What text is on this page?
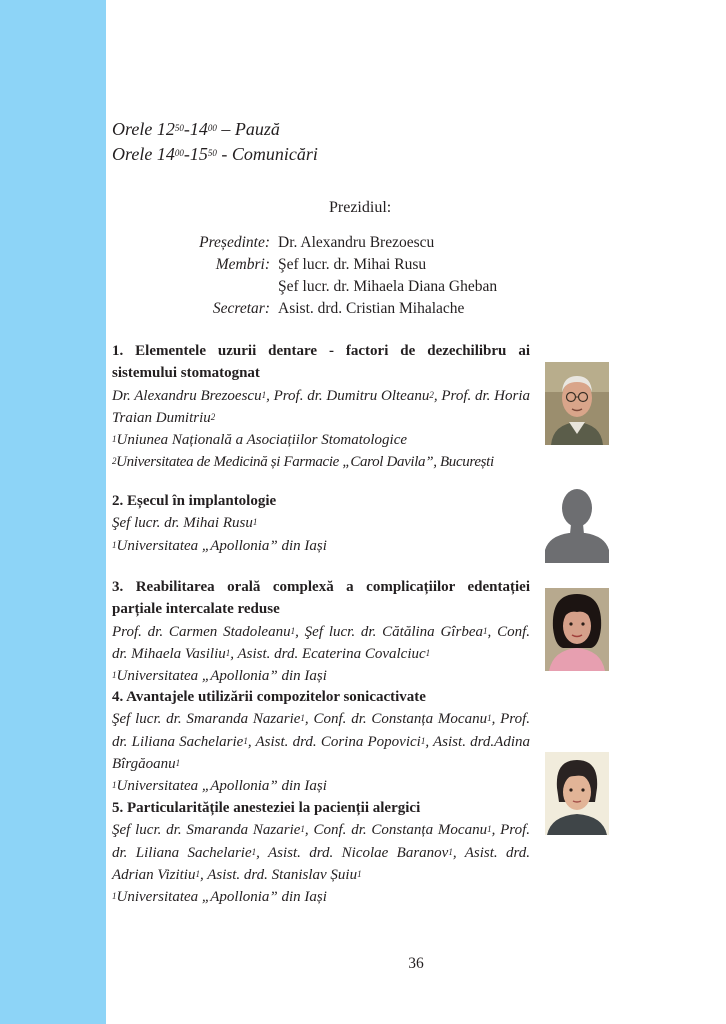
Orele $12^{50}-14^{00}$ – Pauză
Orele $14^{00}-15^{50}$ - Comunicări
Prezidiul:
Președinte: Dr. Alexandru Brezoescu
Membri: Şef lucr. dr. Mihai Rusu
Şef lucr. dr. Mihaela Diana Gheban
Secretar: Asist. drd. Cristian Mihalache
1. Elementele uzurii dentare - factori de dezechilibru ai sistemului stomatognat
Dr. Alexandru Brezoescu$^1$, Prof. dr. Dumitru Olteanu$^2$, Prof. dr. Horia Traian Dumitriu$^2$
$^1$Uniunea Națională a Asociațiilor Stomatologice
$^2$Universitatea de Medicină și Farmacie „Carol Davila”, București
2. Eșecul în implantologie
Şef lucr. dr. Mihai Rusu$^1$
$^1$Universitatea „Apollonia” din Iași
3. Reabilitarea orală complexă a complicațiilor edentației parțiale intercalate reduse
Prof. dr. Carmen Stadoleanu$^1$, Şef lucr. dr. Cătălina Gîrbea$^1$, Conf. dr. Mihaela Vasiliu$^1$, Asist. drd. Ecaterina Covalciuc$^1$
$^1$Universitatea „Apollonia” din Iași
4. Avantajele utilizării compozitelor sonicactivate
Şef lucr. dr. Smaranda Nazarie$^1$, Conf. dr. Constanța Mocanu$^1$, Prof. dr. Liliana Sachelarie$^1$, Asist. drd. Corina Popovici$^1$, Asist. drd.Adina Bîrgăoanu$^1$
$^1$Universitatea „Apollonia” din Iași
5. Particularitățile anesteziei la pacienții alergici
Şef lucr. dr. Smaranda Nazarie$^1$, Conf. dr. Constanța Mocanu$^1$, Prof. dr. Liliana Sachelarie$^1$, Asist. drd. Nicolae Baranov$^1$, Asist. drd. Adrian Vizitiu$^1$, Asist. drd. Stanislav Șuiu$^1$
$^1$Universitatea „Apollonia” din Iași
36
